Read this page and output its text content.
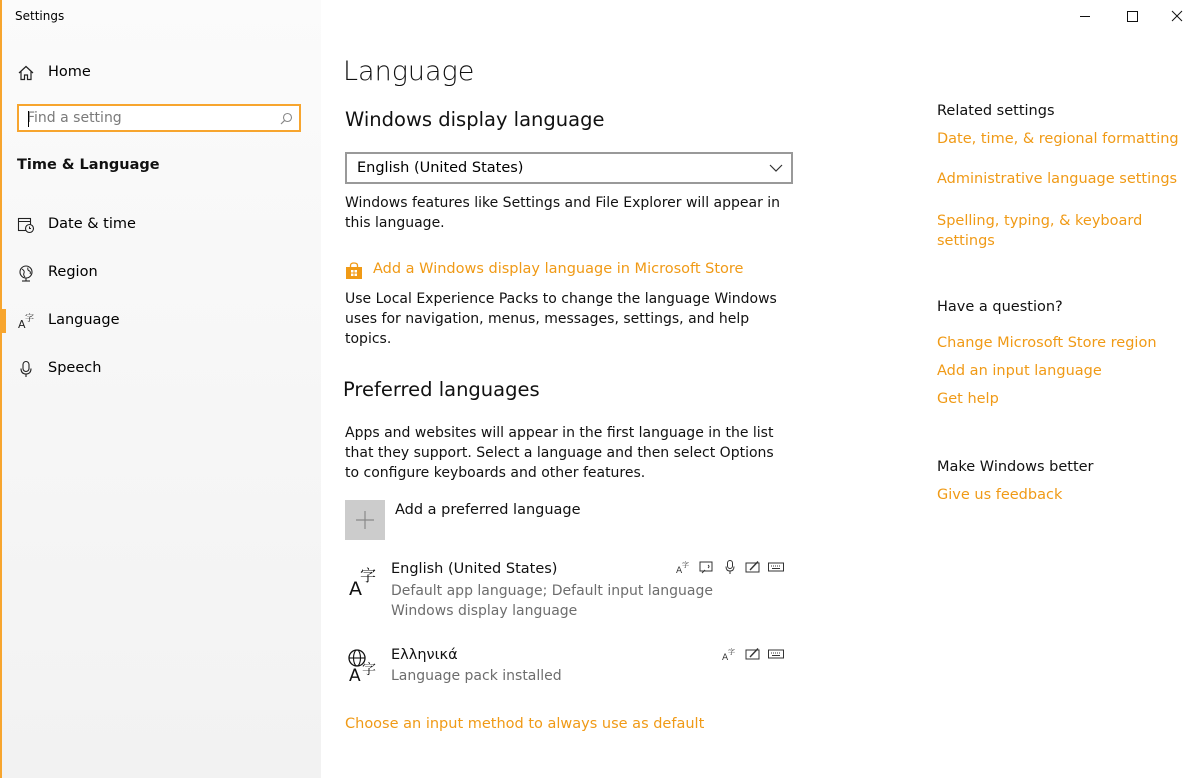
Settings
Home
Find a setting
Time & Language
Date & time
Region
A 字 Language
Speech
Language
Windows display language
English (United States)
Windows features like Settings and File Explorer will appear in this language.
Add a Windows display language in Microsoft Store
Use Local Experience Packs to change the language Windows uses for navigation, menus, messages, settings, and help topics.
Preferred languages
Apps and websites will appear in the first language in the list that they support. Select a language and then select Options to configure keyboards and other features.
Add a preferred language
A
字 English (United States)
Default app language; Default input language
Windows display language
A
字
A 字
Ελληνικά
Language pack installed
A
字
Choose an input method to always use as default
Related settings
Date, time, & regional formatting
Administrative language settings
Spelling, typing, & keyboard settings
Have a question?
Change Microsoft Store region
Add an input language
Get help
Make Windows better
Give us feedback
